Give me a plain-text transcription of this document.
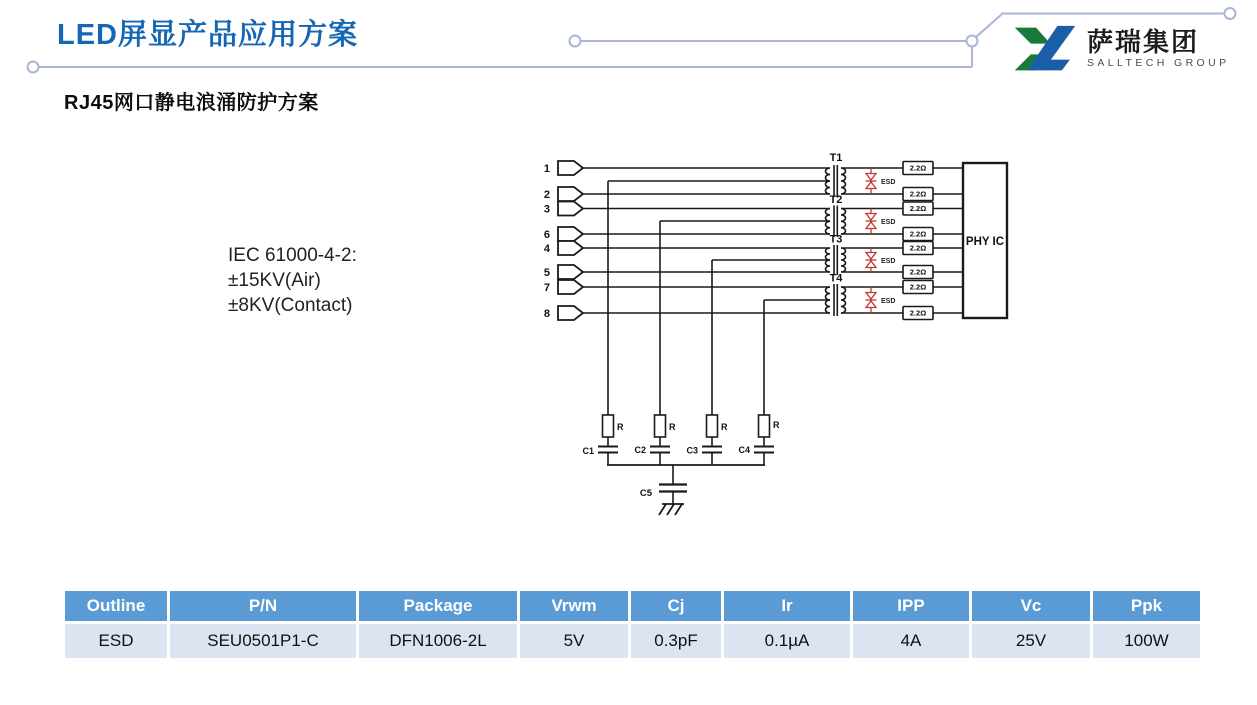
LED屏显产品应用方案
RJ45网口静电浪涌防护方案
萨瑞集团
SALLTECH GROUP
IEC 61000-4-2:
±15KV(Air)
±8KV(Contact)
1
2
3
6
4
5
7
8
T1
T2
T3
T4
ESD
ESD
ESD
ESD
2.2Ω
2.2Ω
2.2Ω
2.2Ω
2.2Ω
2.2Ω
2.2Ω
2.2Ω
PHY IC
R	R	R	R
C1	C2	C3	C4
C5
Outline	P/N	Package	Vrwm	Cj	Ir	IPP	Vc	Ppk
ESD	SEU0501P1-C	DFN1006-2L	5V	0.3pF	0.1µA	4A	25V	100W
